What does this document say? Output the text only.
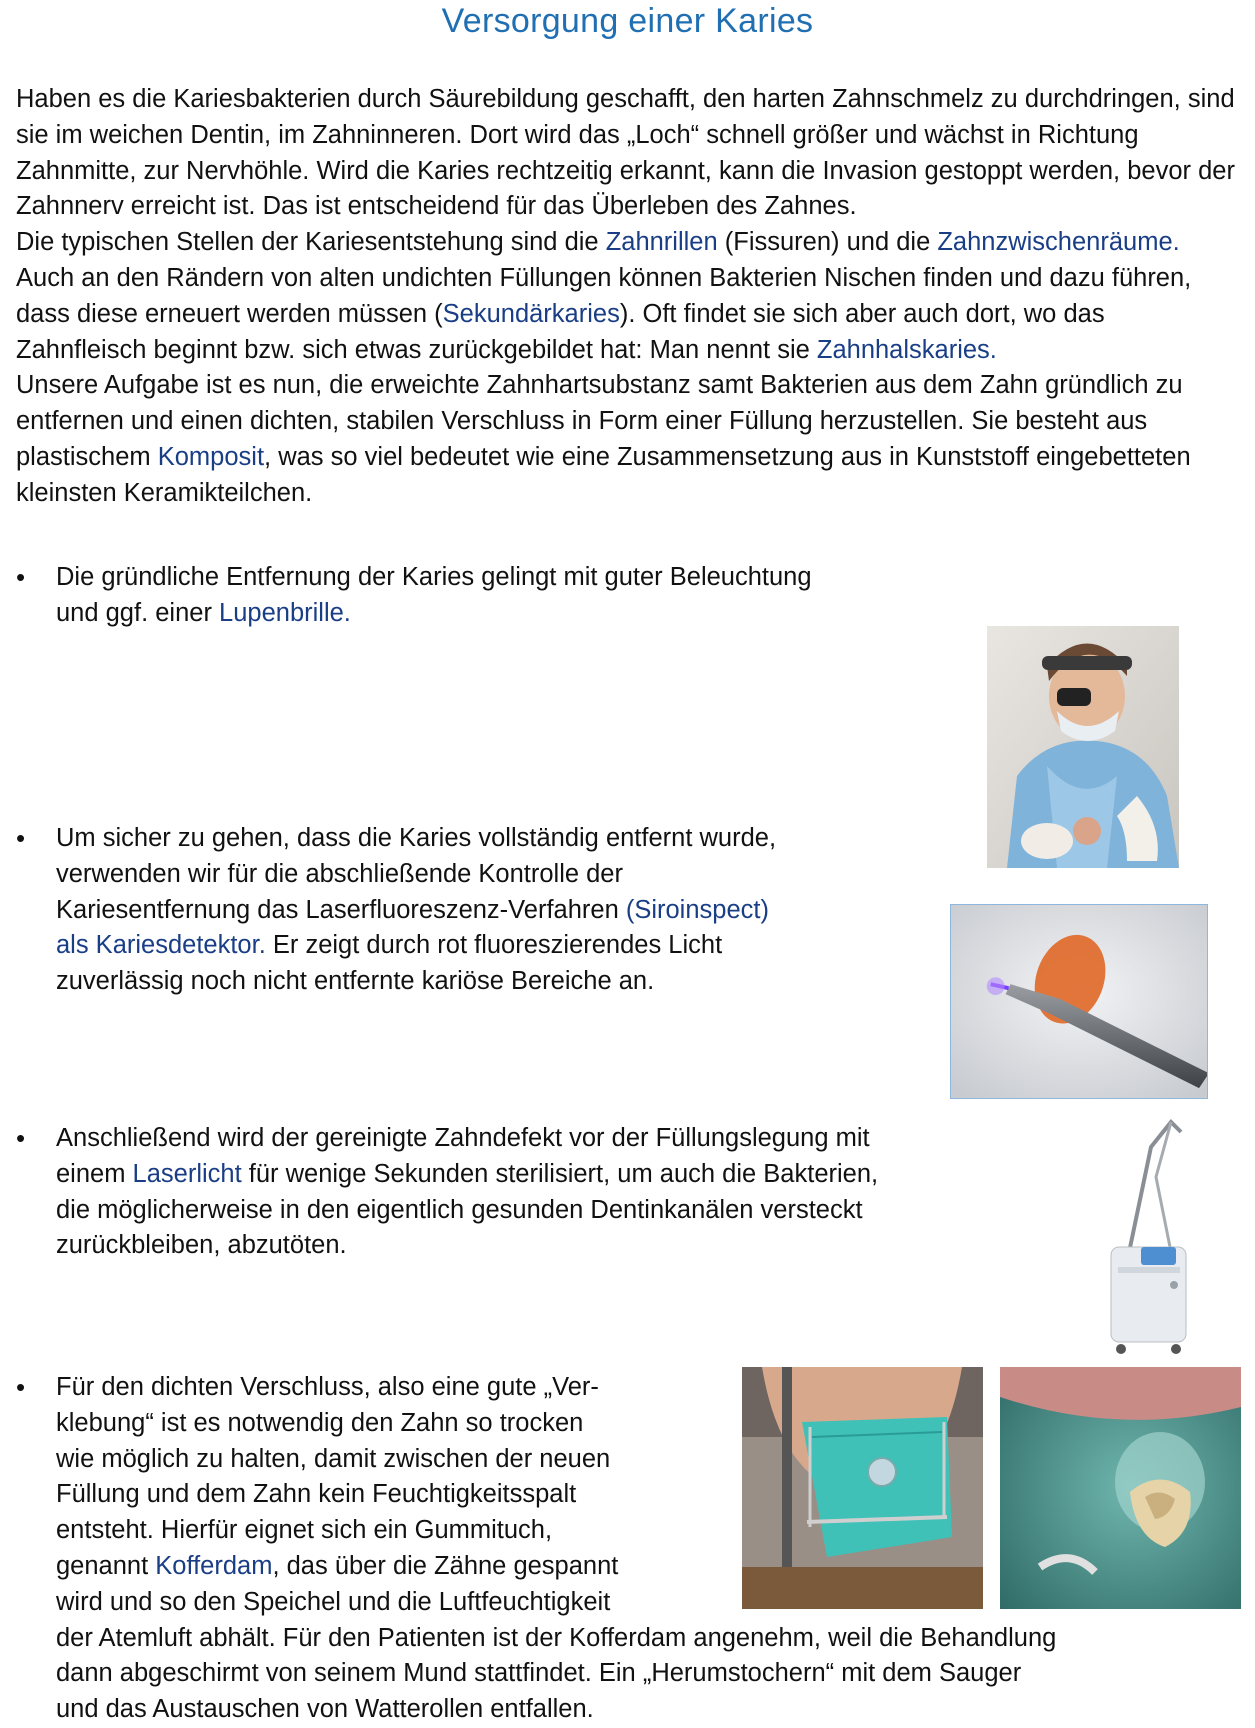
Versorgung einer Karies

Haben es die Kariesbakterien durch Säurebildung geschafft, den harten Zahnschmelz zu durchdringen, sind sie im weichen Dentin, im Zahninneren. Dort wird das „Loch“ schnell größer und wächst in Richtung Zahnmitte, zur Nervhöhle. Wird die Karies rechtzeitig erkannt, kann die Invasion gestoppt werden, bevor der Zahnnerv erreicht ist. Das ist entscheidend für das Überleben des Zahnes.

Die typischen Stellen der Kariesentstehung sind die Zahnrillen (Fissuren) und die Zahnzwischenräume. Auch an den Rändern von alten undichten Füllungen können Bakterien Nischen finden und dazu führen, dass diese erneuert werden müssen (Sekundärkaries). Oft findet sie sich aber auch dort, wo das Zahnfleisch beginnt bzw. sich etwas zurückgebildet hat: Man nennt sie Zahnhalskaries.

Unsere Aufgabe ist es nun, die erweichte Zahnhartsubstanz samt Bakterien aus dem Zahn gründlich zu entfernen und einen dichten, stabilen Verschluss in Form einer Füllung herzustellen. Sie besteht aus plastischem Komposit, was so viel bedeutet wie eine Zusammensetzung aus in Kunststoff eingebetteten kleinsten Keramikteilchen.

•	Die gründliche Entfernung der Karies gelingt mit guter Beleuchtung
und ggf. einer Lupenbrille.
•	Um sicher zu gehen, dass die Karies vollständig entfernt wurde,
verwenden wir für die abschließende Kontrolle der
Kariesentfernung das Laserfluoreszenz-Verfahren (Siroinspect)
als Kariesdetektor. Er zeigt durch rot fluoreszierendes Licht
zuverlässig noch nicht entfernte kariöse Bereiche an.
•	Anschließend wird der gereinigte Zahndefekt vor der Füllungslegung mit
einem Laserlicht für wenige Sekunden sterilisiert, um auch die Bakterien,
die möglicherweise in den eigentlich gesunden Dentinkanälen versteckt
zurückbleiben, abzutöten.
•	Für den dichten Verschluss, also eine gute „Ver-
klebung“ ist es notwendig den Zahn so trocken
wie möglich zu halten, damit zwischen der neuen
Füllung und dem Zahn kein Feuchtigkeitsspalt
entsteht. Hierfür eignet sich ein Gummituch,
genannt Kofferdam, das über die Zähne gespannt
wird und so den Speichel und die Luftfeuchtigkeit
der Atemluft abhält. Für den Patienten ist der Kofferdam angenehm, weil die Behandlung
dann abgeschirmt von seinem Mund stattfindet. Ein „Herumstochern“ mit dem Sauger
und das Austauschen von Watterollen entfallen.
